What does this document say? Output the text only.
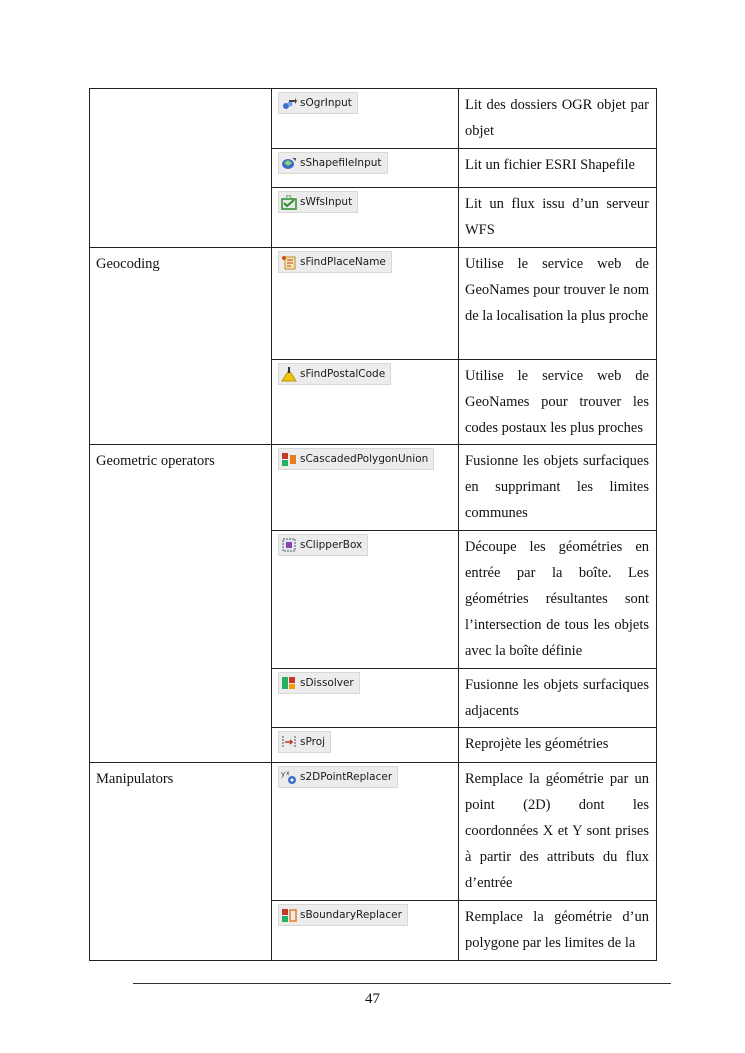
	sOgrInput	Lit des dossiers OGR objet par objet

	sShapefileInput	Lit un fichier ESRI Shapefile

FS sWfsInput	Lit un flux issu d’un serveur WFS
Geocoding	sFindPlaceName	Utilise le service web de GeoNames pour trouver le nom de la localisation la plus proche

	sFindPostalCode	Utilise le service web de GeoNames pour trouver les codes postaux les plus proches
Geometric operators	sCascadedPolygonUnion	Fusionne les objets surfaciques en supprimant les limites communes

	sClipperBox	Découpe les géométries en entrée par la boîte. Les géométries résultantes sont l’intersection de tous les objets avec la boîte définie

	sDissolver	Fusionne les objets surfaciques adjacents

	sProj	Reprojète les géométries
Manipulators	y x s2DPointReplacer	Remplace la géométrie par un point (2D) dont les coordonnées X et Y sont prises à partir des attributs du flux d’entrée

	sBoundaryReplacer	Remplace la géométrie d’un polygone par les limites de la
47
